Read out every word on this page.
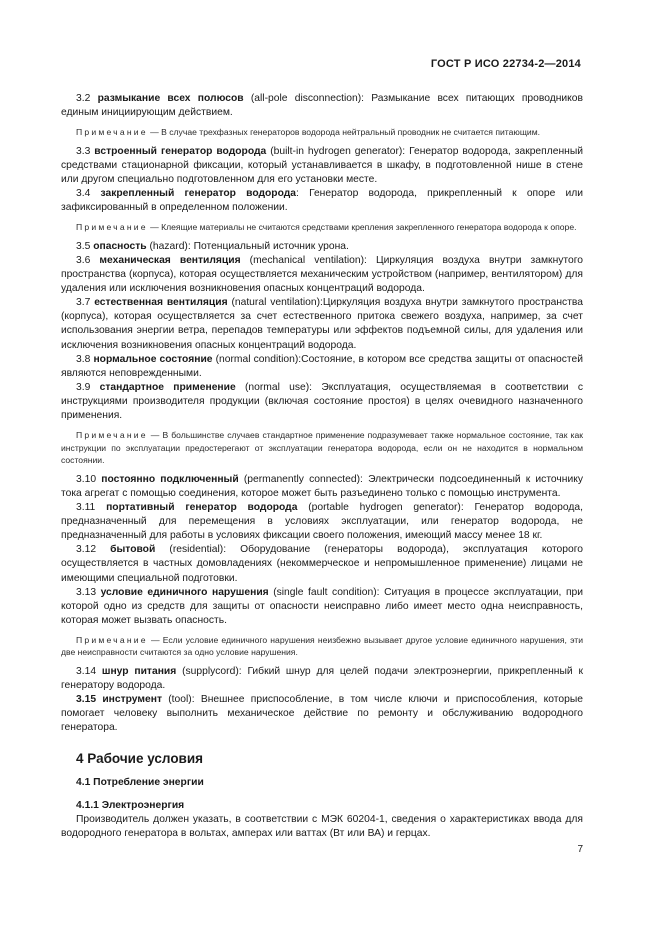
ГОСТ Р ИСО 22734-2—2014

3.2 размыкание всех полюсов (all-pole disconnection): Размыкание всех питающих проводников единым инициирующим действием.

Примечание — В случае трехфазных генераторов водорода нейтральный проводник не считается питающим.

3.3 встроенный генератор водорода (built-in hydrogen generator): Генератор водорода, закрепленный средствами стационарной фиксации, который устанавливается в шкафу, в подготовленной нише в стене или другом специально подготовленном для его установки месте.

3.4 закрепленный генератор водорода: Генератор водорода, прикрепленный к опоре или зафиксированный в определенном положении.

Примечание — Клеящие материалы не считаются средствами крепления закрепленного генератора водорода к опоре.

3.5 опасность (hazard): Потенциальный источник урона.

3.6 механическая вентиляция (mechanical ventilation): Циркуляция воздуха внутри замкнутого пространства (корпуса), которая осуществляется механическим устройством (например, вентилятором) для удаления или исключения возникновения опасных концентраций водорода.

3.7 естественная вентиляция (natural ventilation):Циркуляция воздуха внутри замкнутого пространства (корпуса), которая осуществляется за счет естественного притока свежего воздуха, например, за счет использования энергии ветра, перепадов температуры или эффектов подъемной силы, для удаления или исключения возникновения опасных концентраций водорода.

3.8 нормальное состояние (normal condition):Состояние, в котором все средства защиты от опасностей являются неповрежденными.

3.9 стандартное применение (normal use): Эксплуатация, осуществляемая в соответствии с инструкциями производителя продукции (включая состояние простоя) в целях очевидного назначенного применения.

Примечание — В большинстве случаев стандартное применение подразумевает также нормальное состояние, так как инструкции по эксплуатации предостерегают от эксплуатации генератора водорода, если он не находится в нормальном состоянии.

3.10 постоянно подключенный (permanently connected): Электрически подсоединенный к источнику тока агрегат с помощью соединения, которое может быть разъединено только с помощью инструмента.

3.11 портативный генератор водорода (portable hydrogen generator): Генератор водорода, предназначенный для перемещения в условиях эксплуатации, или генератор водорода, не предназначенный для работы в условиях фиксации своего положения, имеющий массу менее 18 кг.

3.12 бытовой (residential): Оборудование (генераторы водорода), эксплуатация которого осуществляется в частных домовладениях (некоммерческое и непромышленное применение) лицами не имеющими специальной подготовки.

3.13 условие единичного нарушения (single fault condition): Ситуация в процессе эксплуатации, при которой одно из средств для защиты от опасности неисправно либо имеет место одна неисправность, которая может вызвать опасность.

Примечание — Если условие единичного нарушения неизбежно вызывает другое условие единичного нарушения, эти две неисправности считаются за одно условие нарушения.

3.14 шнур питания (supplycord): Гибкий шнур для целей подачи электроэнергии, прикрепленный к генератору водорода.

3.15 инструмент (tool): Внешнее приспособление, в том числе ключи и приспособления, которые помогает человеку выполнить механическое действие по ремонту и обслуживанию водородного генератора.

4 Рабочие условия
4.1 Потребление энергии
4.1.1 Электроэнергия

Производитель должен указать, в соответствии с МЭК 60204-1, сведения о характеристиках ввода для водородного генератора в вольтах, амперах или ваттах (Вт или ВА) и герцах.

7
